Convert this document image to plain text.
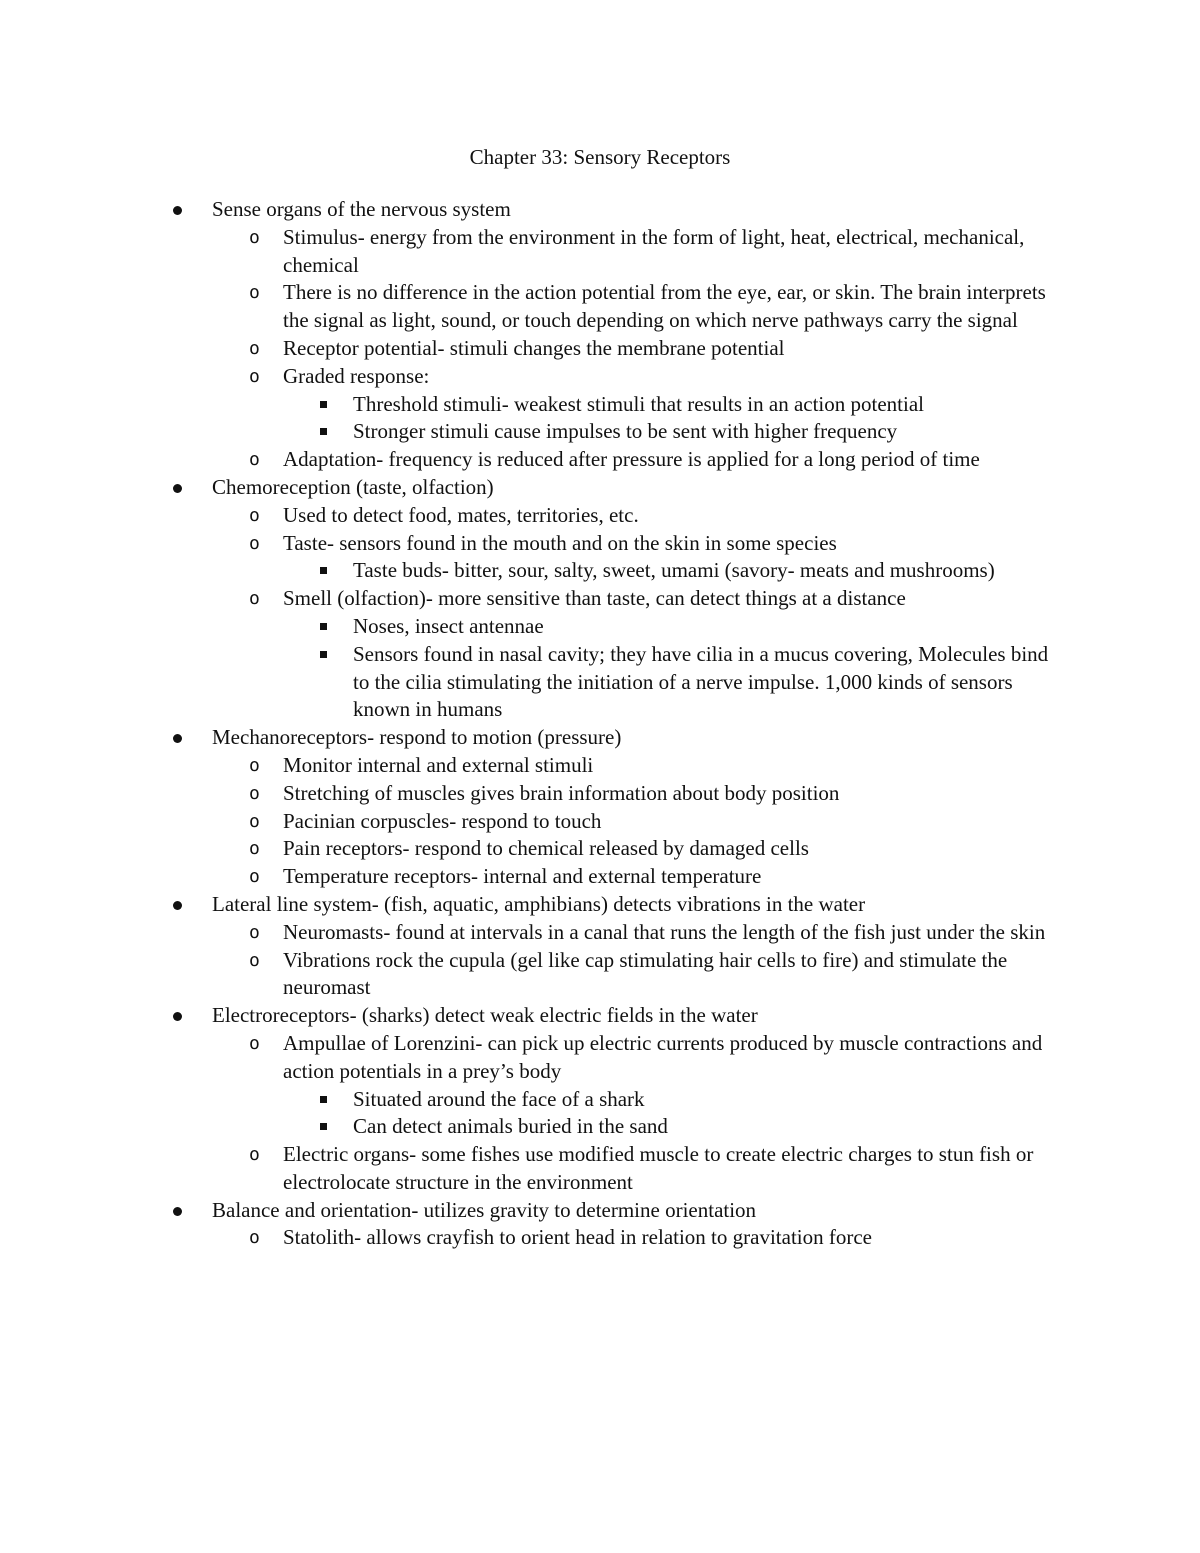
Chapter 33: Sensory Receptors
Sense organs of the nervous system
o Stimulus- energy from the environment in the form of light, heat, electrical, mechanical, chemical
o There is no difference in the action potential from the eye, ear, or skin. The brain interprets the signal as light, sound, or touch depending on which nerve pathways carry the signal
o Receptor potential- stimuli changes the membrane potential
o Graded response:
Threshold stimuli- weakest stimuli that results in an action potential
Stronger stimuli cause impulses to be sent with higher frequency
o Adaptation- frequency is reduced after pressure is applied for a long period of time
Chemoreception (taste, olfaction)
o Used to detect food, mates, territories, etc.
o Taste- sensors found in the mouth and on the skin in some species
Taste buds- bitter, sour, salty, sweet, umami (savory- meats and mushrooms)
o Smell (olfaction)- more sensitive than taste, can detect things at a distance
Noses, insect antennae
Sensors found in nasal cavity; they have cilia in a mucus covering, Molecules bind to the cilia stimulating the initiation of a nerve impulse. 1,000 kinds of sensors known in humans
Mechanoreceptors- respond to motion (pressure)
o Monitor internal and external stimuli
o Stretching of muscles gives brain information about body position
o Pacinian corpuscles- respond to touch
o Pain receptors- respond to chemical released by damaged cells
o Temperature receptors- internal and external temperature
Lateral line system- (fish, aquatic, amphibians) detects vibrations in the water
o Neuromasts- found at intervals in a canal that runs the length of the fish just under the skin
o Vibrations rock the cupula (gel like cap stimulating hair cells to fire) and stimulate the neuromast
Electroreceptors- (sharks) detect weak electric fields in the water
o Ampullae of Lorenzini- can pick up electric currents produced by muscle contractions and action potentials in a prey’s body
Situated around the face of a shark
Can detect animals buried in the sand
o Electric organs- some fishes use modified muscle to create electric charges to stun fish or electrolocate structure in the environment
Balance and orientation- utilizes gravity to determine orientation
o Statolith- allows crayfish to orient head in relation to gravitation force
